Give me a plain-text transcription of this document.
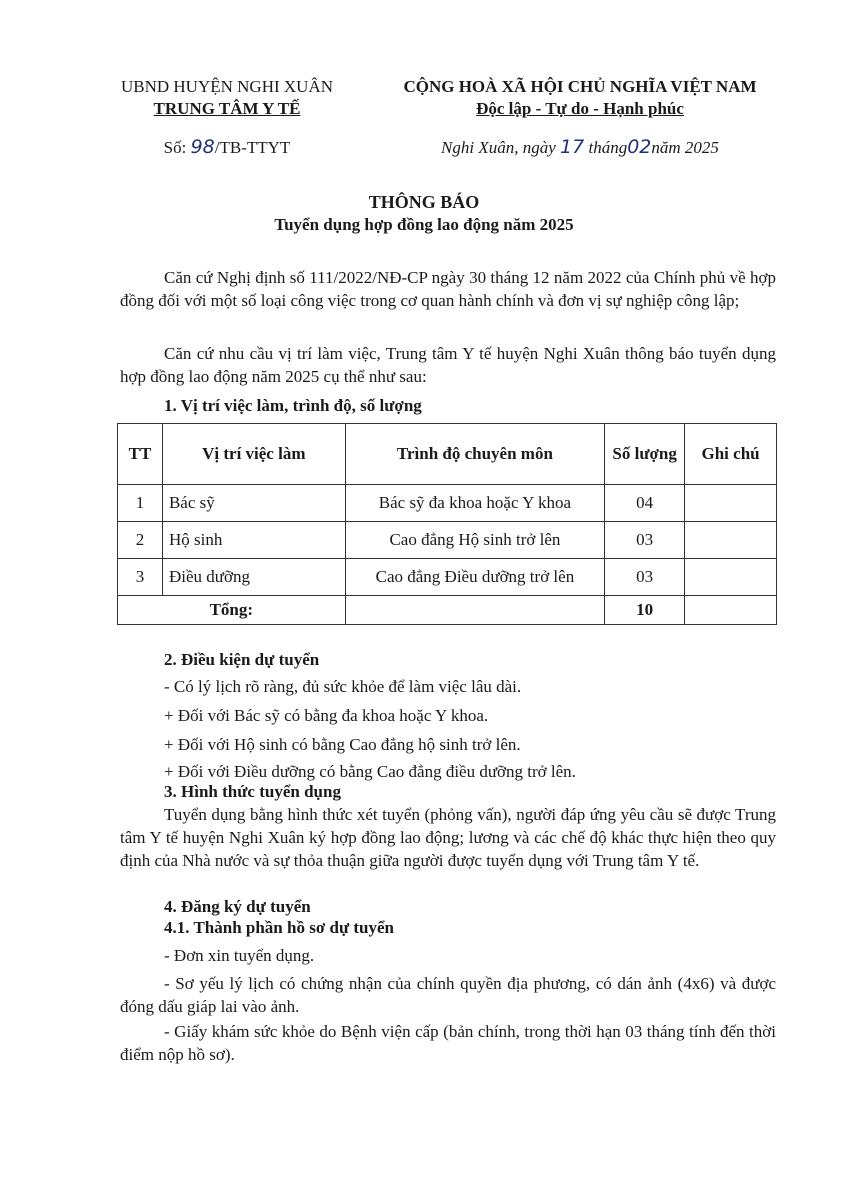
UBND HUYỆN NGHI XUÂN
TRUNG TÂM Y TẾ
CỘNG HOÀ XÃ HỘI CHỦ NGHĨA VIỆT NAM
Độc lập - Tự do - Hạnh phúc
Số: 98/TB-TTYT	Nghi Xuân, ngày 17 tháng02năm 2025
THÔNG BÁO
Tuyển dụng hợp đồng lao động năm 2025
Căn cứ Nghị định số 111/2022/NĐ-CP ngày 30 tháng 12 năm 2022 của Chính phủ về hợp đồng đối với một số loại công việc trong cơ quan hành chính và đơn vị sự nghiệp công lập;
Căn cứ nhu cầu vị trí làm việc, Trung tâm Y tế huyện Nghi Xuân thông báo tuyển dụng hợp đồng lao động năm 2025 cụ thể như sau:
1. Vị trí việc làm, trình độ, số lượng
TT	Vị trí việc làm	Trình độ chuyên môn	Số lượng	Ghi chú
1	Bác sỹ	Bác sỹ đa khoa hoặc Y khoa	04	
2	Hộ sinh	Cao đẳng Hộ sinh trở lên	03	
3	Điều dưỡng	Cao đẳng Điều dưỡng trở lên	03	
Tổng:			10	
2. Điều kiện dự tuyển
- Có lý lịch rõ ràng, đủ sức khỏe để làm việc lâu dài.
+ Đối với Bác sỹ có bằng đa khoa hoặc Y khoa.
+ Đối với Hộ sinh có bằng Cao đẳng hộ sinh trở lên.
+ Đối với Điều dưỡng có bằng Cao đẳng điều dưỡng trở lên.
3. Hình thức tuyển dụng
Tuyển dụng bằng hình thức xét tuyển (phỏng vấn), người đáp ứng yêu cầu sẽ được Trung tâm Y tế huyện Nghi Xuân ký hợp đồng lao động; lương và các chế độ khác thực hiện theo quy định của Nhà nước và sự thỏa thuận giữa người được tuyển dụng với Trung tâm Y tế.
4. Đăng ký dự tuyển
4.1. Thành phần hồ sơ dự tuyển
- Đơn xin tuyển dụng.
- Sơ yếu lý lịch có chứng nhận của chính quyền địa phương, có dán ảnh (4x6) và được đóng dấu giáp lai vào ảnh.
- Giấy khám sức khỏe do Bệnh viện cấp (bản chính, trong thời hạn 03 tháng tính đến thời điểm nộp hồ sơ).
